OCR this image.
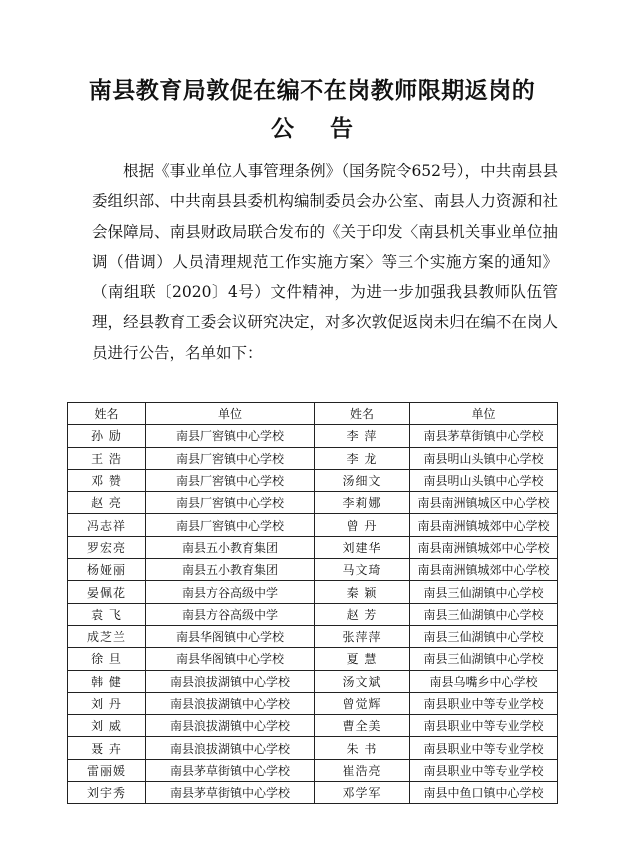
南县教育局敦促在编不在岗教师限期返岗的
公 告
根据《事业单位人事管理条例》（国务院令652号），中共南县县委组织部、中共南县县委机构编制委员会办公室、南县人力资源和社会保障局、南县财政局联合发布的《关于印发〈南县机关事业单位抽调（借调）人员清理规范工作实施方案〉等三个实施方案的通知》（南组联〔2020〕4号）文件精神，为进一步加强我县教师队伍管理，经县教育工委会议研究决定，对多次敦促返岗未归在编不在岗人员进行公告，名单如下：
姓名	单位	姓名	单位
孙 励	南县厂窖镇中心学校	李 萍	南县茅草街镇中心学校
王 浩	南县厂窖镇中心学校	李 龙	南县明山头镇中心学校
邓 赞	南县厂窖镇中心学校	汤细文	南县明山头镇中心学校
赵 亮	南县厂窖镇中心学校	李莉娜	南县南洲镇城区中心学校
冯志祥	南县厂窖镇中心学校	曾 丹	南县南洲镇城郊中心学校
罗宏亮	南县五小教育集团	刘建华	南县南洲镇城郊中心学校
杨娅丽	南县五小教育集团	马文琦	南县南洲镇城郊中心学校
晏佩花	南县方谷高级中学	秦 颖	南县三仙湖镇中心学校
袁 飞	南县方谷高级中学	赵 芳	南县三仙湖镇中心学校
成芝兰	南县华阁镇中心学校	张萍萍	南县三仙湖镇中心学校
徐 旦	南县华阁镇中心学校	夏 慧	南县三仙湖镇中心学校
韩 健	南县浪拔湖镇中心学校	汤文斌	南县乌嘴乡中心学校
刘 丹	南县浪拔湖镇中心学校	曾觉辉	南县职业中等专业学校
刘 威	南县浪拔湖镇中心学校	曹全美	南县职业中等专业学校
聂 卉	南县浪拔湖镇中心学校	朱 书	南县职业中等专业学校
雷丽媛	南县茅草街镇中心学校	崔浩亮	南县职业中等专业学校
刘宇秀	南县茅草街镇中心学校	邓学军	南县中鱼口镇中心学校
